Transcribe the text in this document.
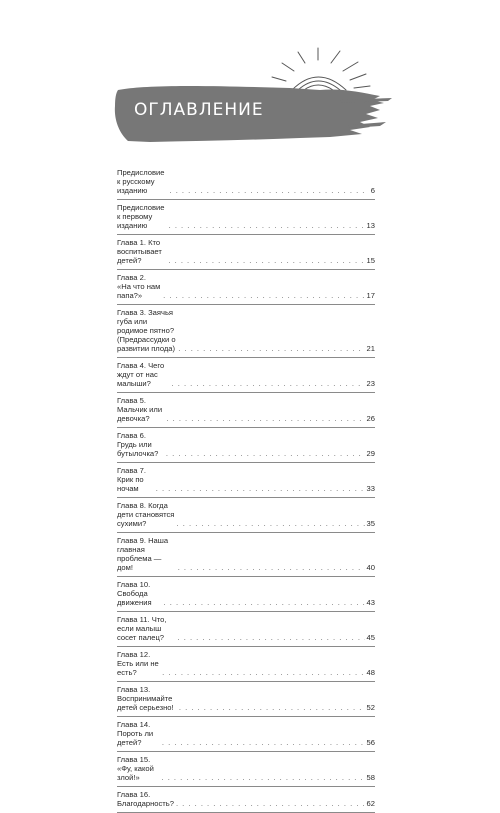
ОГЛАВЛЕНИЕ
Предисловие к русскому изданию . . .	6
Предисловие к первому изданию . . .	13
Глава 1. Кто воспитывает детей? . . .	15
Глава 2. «На что нам папа?» . . .	17
Глава 3. Заячья губа или родимое пятно?
(Предрассудки о развитии плода) . . .	21
Глава 4. Чего ждут от нас малыши? . . .	23
Глава 5. Мальчик или девочка? . . .	26
Глава 6. Грудь или бутылочка? . . .	29
Глава 7. Крик по ночам . . .	33
Глава 8. Когда дети становятся сухими? . . .	35
Глава 9. Наша главная проблема — дом! . . .	40
Глава 10. Свобода движения . . .	43
Глава 11. Что, если малыш сосет палец? . . .	45
Глава 12. Есть или не есть? . . .	48
Глава 13. Воспринимайте детей серьезно! . . .	52
Глава 14. Пороть ли детей? . . .	56
Глава 15. «Фу, какой злой!» . . .	58
Глава 16. Благодарность? . . .	62
